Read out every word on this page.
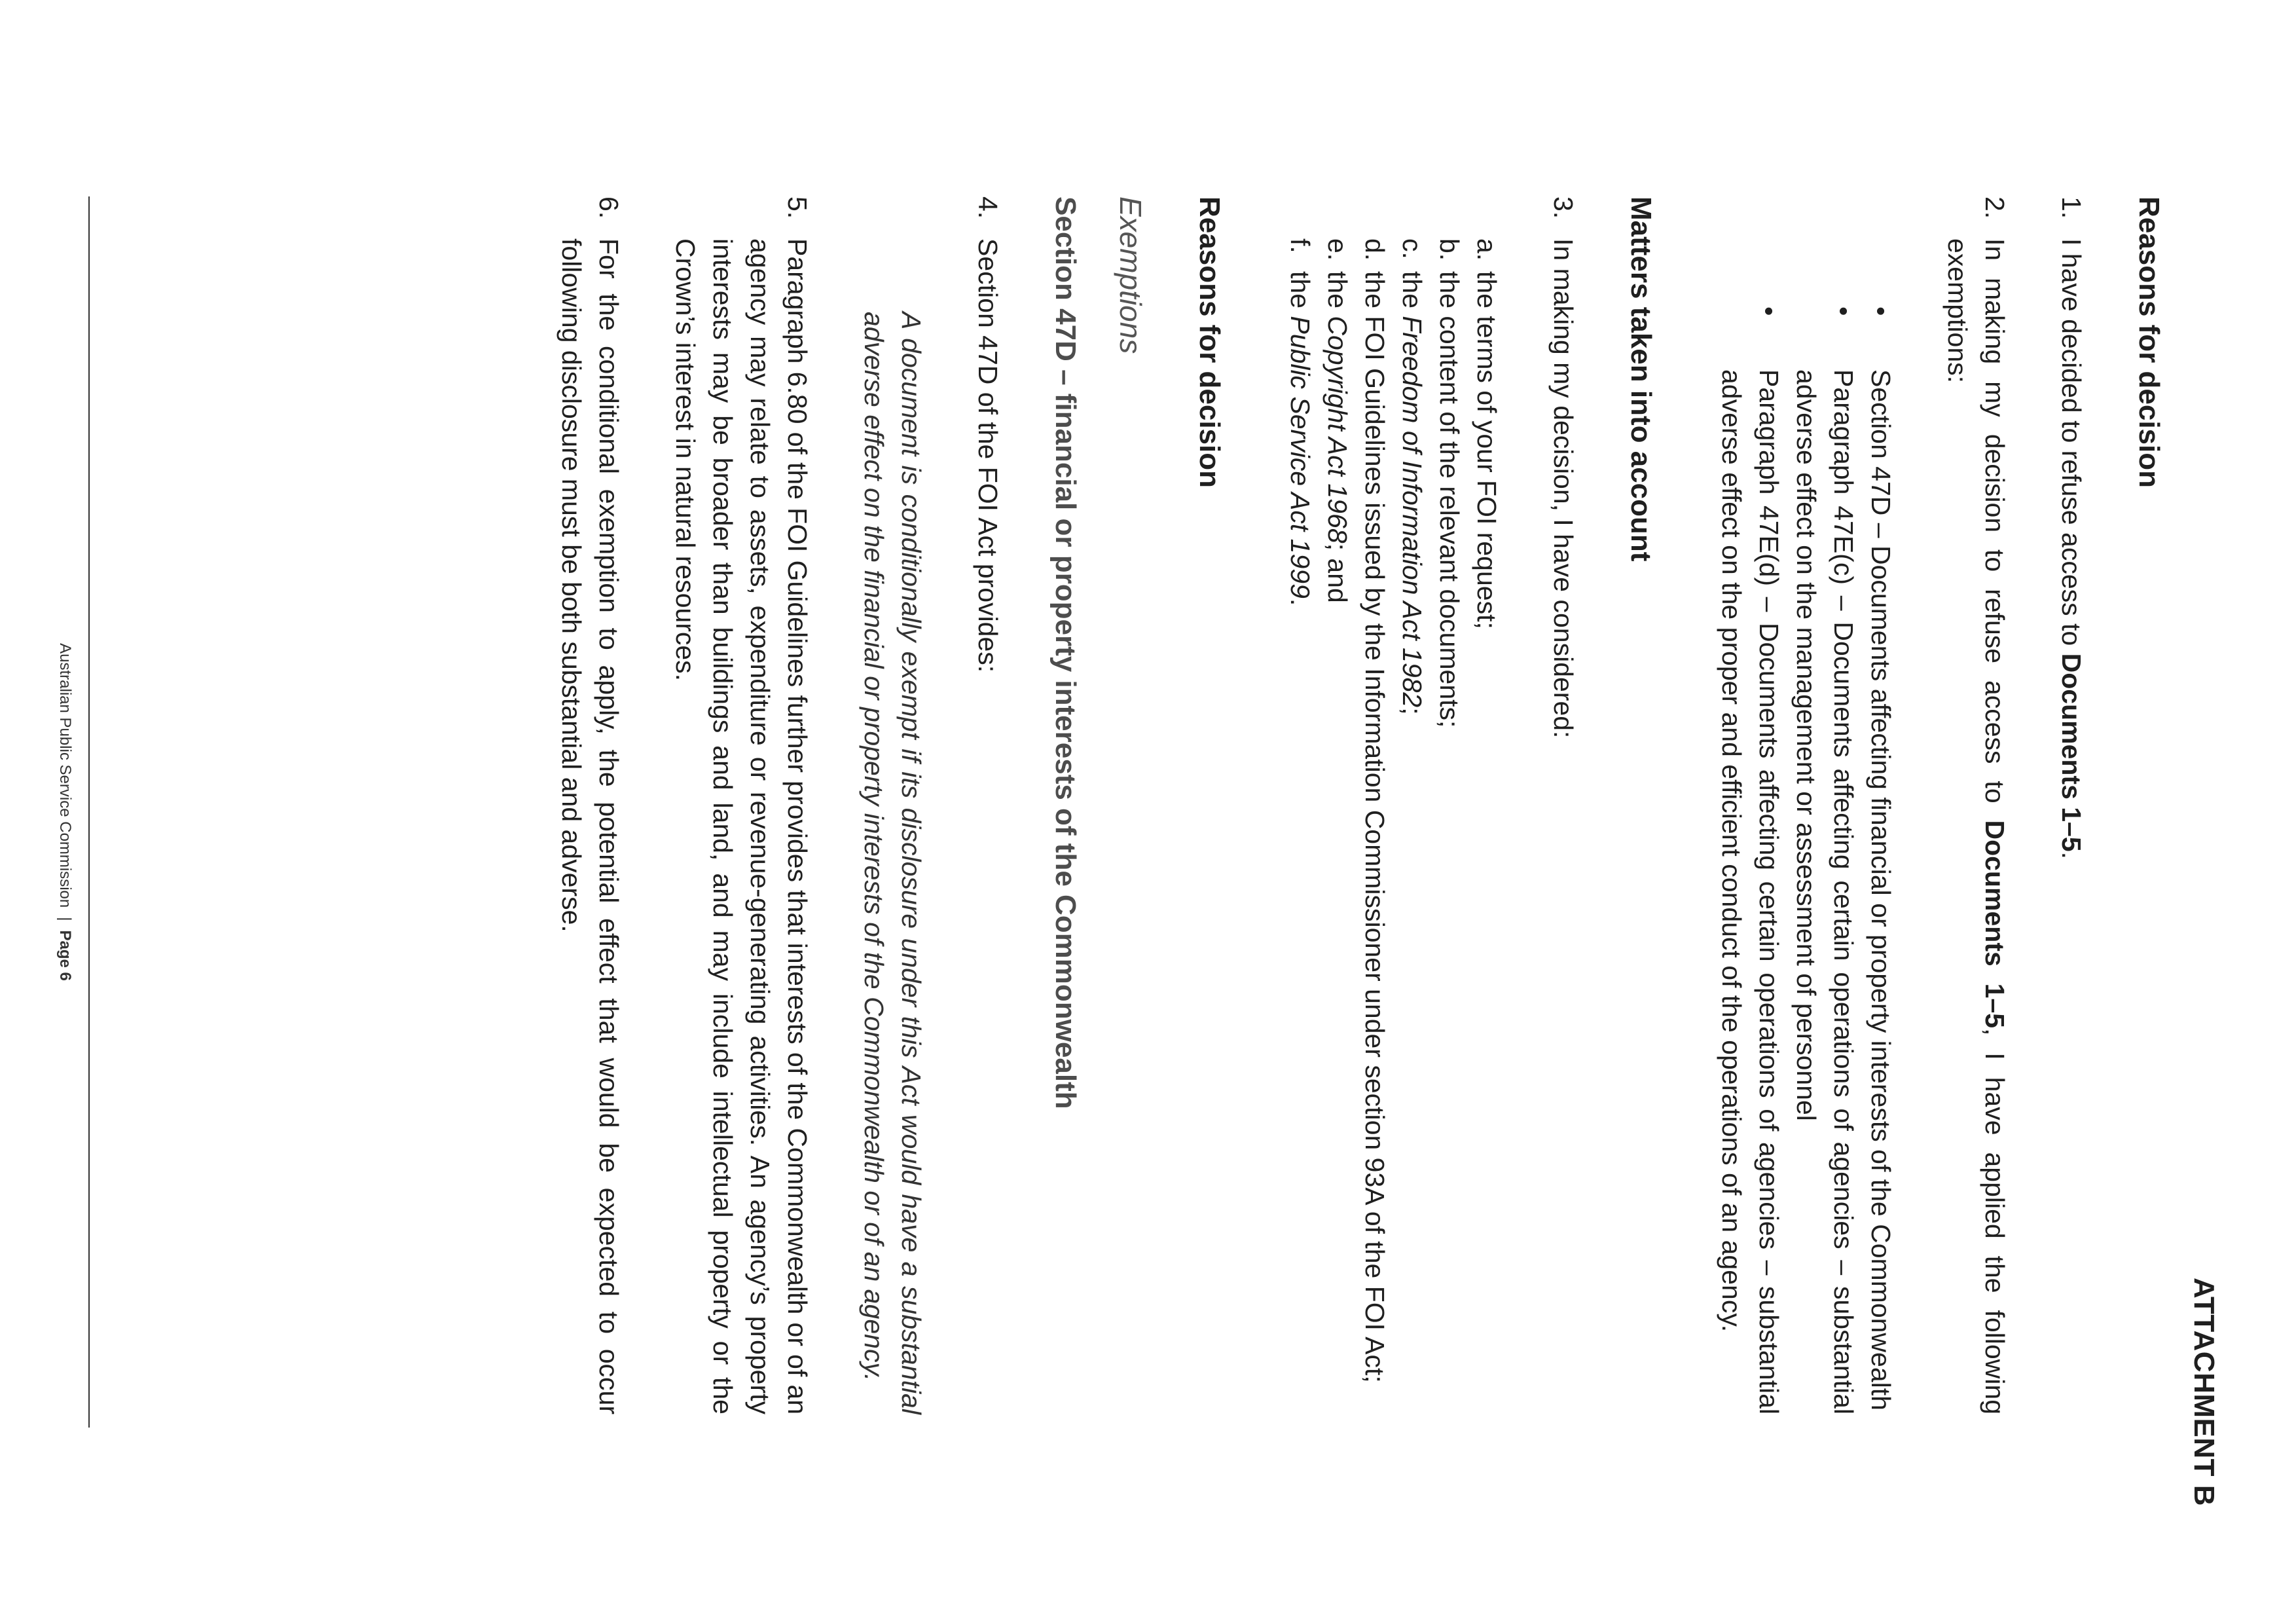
ATTACHMENT B
Reasons for decision
1.
I have decided to refuse access to Documents 1–5.
2.
In making my decision to refuse access to Documents 1–5, I have applied the following exemptions:
•
Section 47D – Documents affecting financial or property interests of the Commonwealth
•
Paragraph 47E(c) – Documents affecting certain operations of agencies – substantial adverse effect on the management or assessment of personnel
•
Paragraph 47E(d) – Documents affecting certain operations of agencies – substantial adverse effect on the proper and efficient conduct of the operations of an agency.
Matters taken into account
3.
In making my decision, I have considered:
a.
the terms of your FOI request;
b.
the content of the relevant documents;
c.
the Freedom of Information Act 1982;
d.
the FOI Guidelines issued by the Information Commissioner under section 93A of the FOI Act;
e.
the Copyright Act 1968; and
f.
the Public Service Act 1999.
Reasons for decision

Exemptions

Section 47D – financial or property interests of the Commonwealth
4.
Section 47D of the FOI Act provides:
A document is conditionally exempt if its disclosure under this Act would have a substantial adverse effect on the financial or property interests of the Commonwealth or of an agency.
5.
Paragraph 6.80 of the FOI Guidelines further provides that interests of the Commonwealth or of an agency may relate to assets, expenditure or revenue-generating activities. An agency’s property interests may be broader than buildings and land, and may include intellectual property or the Crown’s interest in natural resources.
6.
For the conditional exemption to apply, the potential effect that would be expected to occur following disclosure must be both substantial and adverse.
Australian Public Service Commission|Page 6
